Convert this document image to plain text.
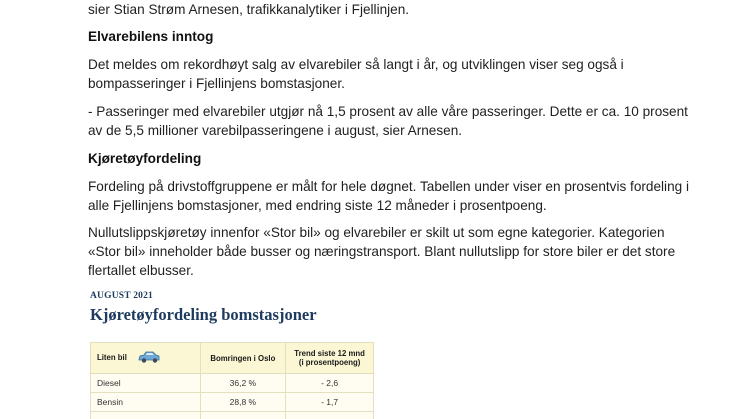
sier Stian Strøm Arnesen, trafikkanalytiker i Fjellinjen.
Elvarebilens inntog
Det meldes om rekordhøyt salg av elvarebiler så langt i år, og utviklingen viser seg også i
bompasseringer i Fjellinjens bomstasjoner.
- Passeringer med elvarebiler utgjør nå 1,5 prosent av alle våre passeringer. Dette er ca. 10 prosent
av de 5,5 millioner varebilpasseringene i august, sier Arnesen.
Kjøretøyfordeling
Fordeling på drivstoffgruppene er målt for hele døgnet. Tabellen under viser en prosentvis fordeling i
alle Fjellinjens bomstasjoner, med endring siste 12 måneder i prosentpoeng.
Nullutslippskjøretøy innenfor «Stor bil» og elvarebiler er skilt ut som egne kategorier. Kategorien
«Stor bil» inneholder både busser og næringstransport. Blant nullutslipp for store biler er det store
flertallet elbusser.
AUGUST 2021
Kjøretøyfordeling bomstasjoner
Liten bil	Bomringen i Oslo	Trend siste 12 mnd
(i prosentpoeng)

Diesel	36,2 %	- 2,6
Bensin	28,8 %	- 1,7
